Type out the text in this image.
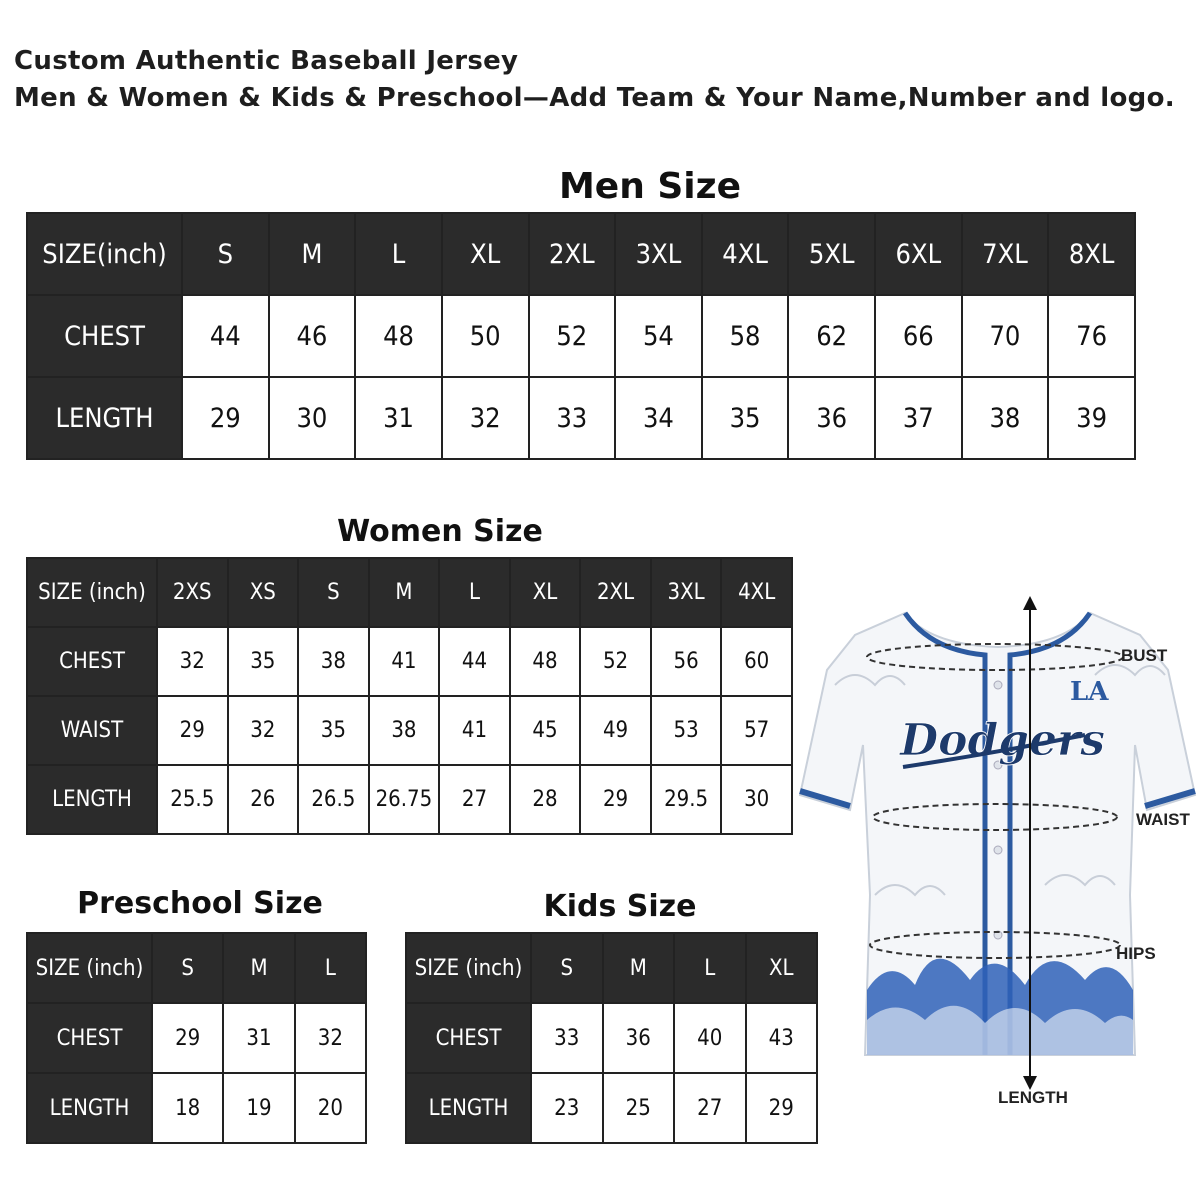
Custom Authentic Baseball Jersey
Men & Women & Kids & Preschool—Add Team & Your Name,Number and logo.
Men Size
SIZE(inch)	S	M	L	XL	2XL	3XL	4XL	5XL	6XL	7XL	8XL
CHEST	44	46	48	50	52	54	58	62	66	70	76
LENGTH	29	30	31	32	33	34	35	36	37	38	39
Women Size
SIZE (inch)	2XS	XS	S	M	L	XL	2XL	3XL	4XL
CHEST	32	35	38	41	44	48	52	56	60
WAIST	29	32	35	38	41	45	49	53	57
LENGTH	25.5	26	26.5	26.75	27	28	29	29.5	30
Preschool Size
SIZE (inch)	S	M	L
CHEST	29	31	32
LENGTH	18	19	20
Kids Size
SIZE (inch)	S	M	L	XL
CHEST	33	36	40	43
LENGTH	23	25	27	29
LA
Dodgers
BUST
WAIST
HIPS
LENGTH
